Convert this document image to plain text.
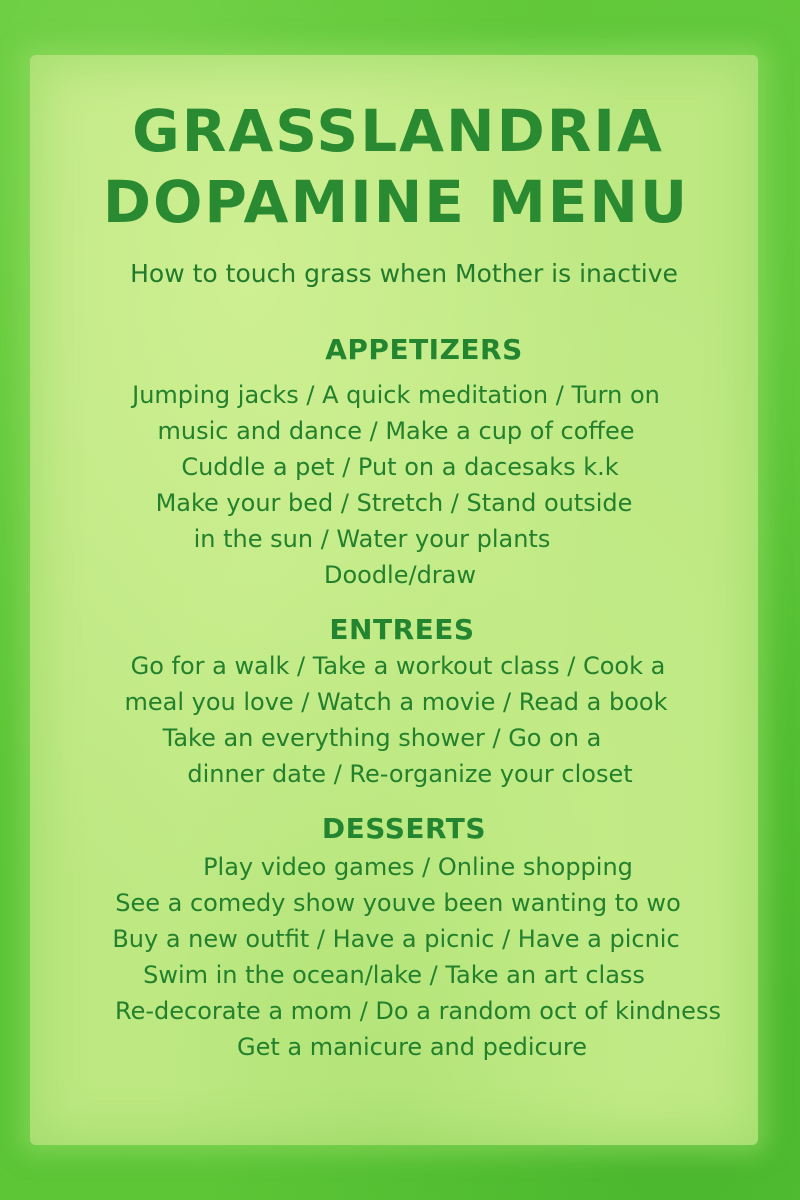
GRASSLANDRIA
DOPAMINE MENU
How to touch grass when Mother is inactive
APPETIZERS
Jumping jacks / A quick meditation / Turn on
music and dance / Make a cup of coffee
Cuddle a pet / Put on a dacesaks k.k
Make your bed / Stretch / Stand outside
in the sun / Water your plants
Doodle/draw
ENTREES
Go for a walk / Take a workout class / Cook a
meal you love / Watch a movie / Read a book
Take an everything shower / Go on a
dinner date / Re-organize your closet
DESSERTS
Play video games / Online shopping
See a comedy show youve been wanting to wo
Buy a new outfit / Have a picnic / Have a picnic
Swim in the ocean/lake / Take an art class
Re-decorate a mom / Do a random oct of kindness
Get a manicure and pedicure
